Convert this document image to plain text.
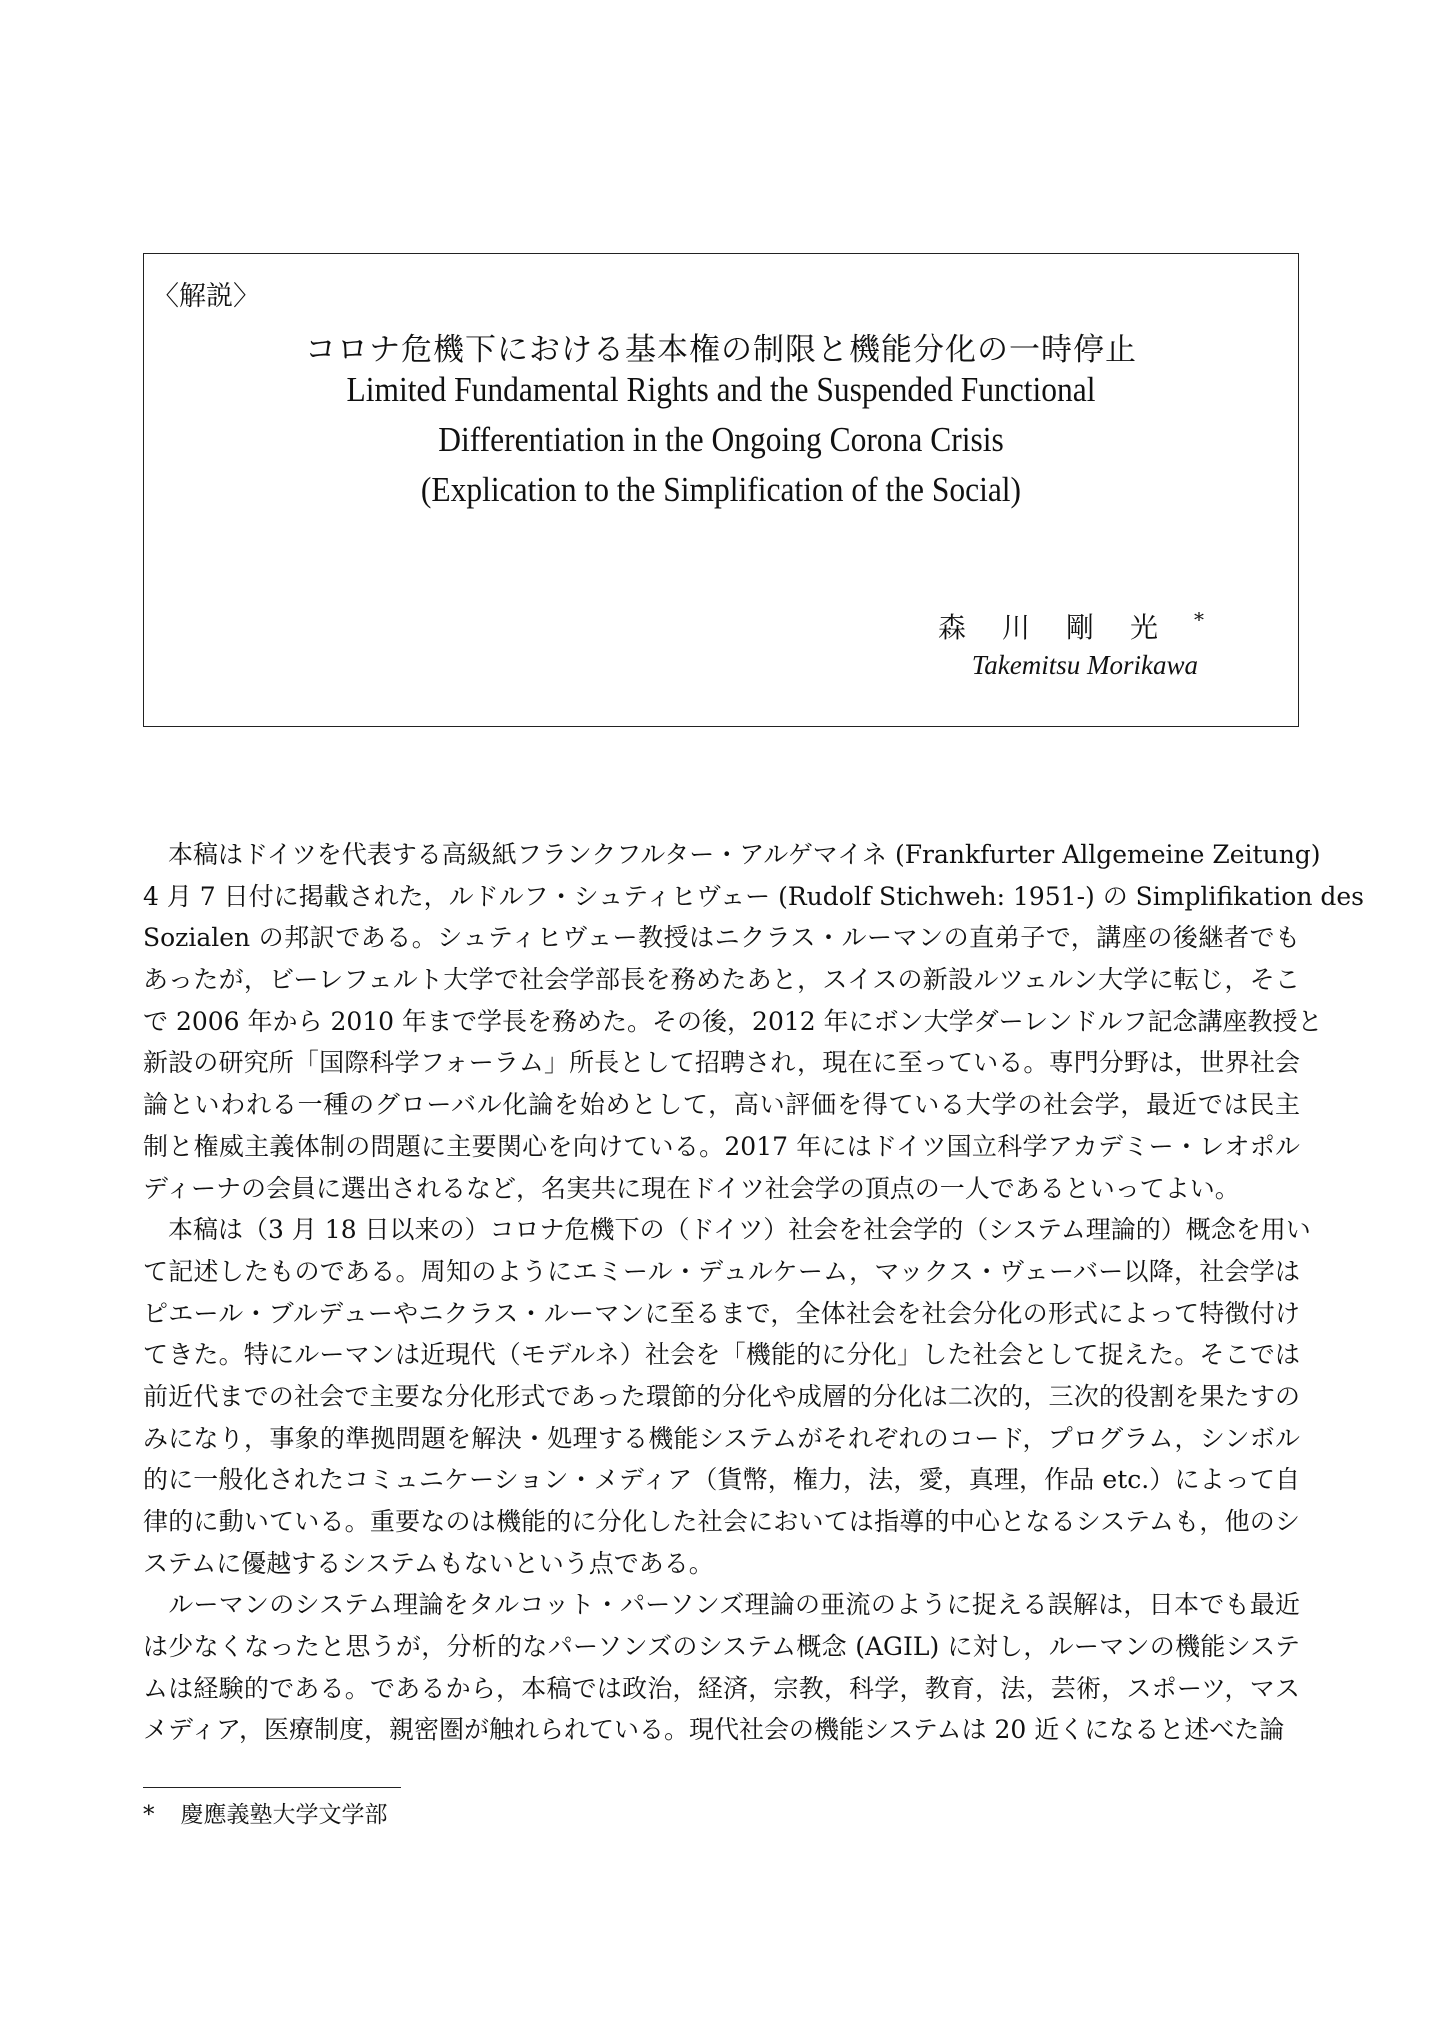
〈解説〉
コロナ危機下における基本権の制限と機能分化の一時停止
Limited Fundamental Rights and the Suspended Functional
Differentiation in the Ongoing Corona Crisis
(Explication to the Simplification of the Social)
森川剛光*
Takemitsu Morikawa
　本稿はドイツを代表する高級紙フランクフルター・アルゲマイネ (Frankfurter Allgemeine Zeitung)
4 月 7 日付に掲載された，ルドルフ・シュティヒヴェー (Rudolf Stichweh: 1951-) の Simplifikation des
Sozialen の邦訳である。シュティヒヴェー教授はニクラス・ルーマンの直弟子で，講座の後継者でも
あったが，ビーレフェルト大学で社会学部長を務めたあと，スイスの新設ルツェルン大学に転じ，そこ
で 2006 年から 2010 年まで学長を務めた。その後，2012 年にボン大学ダーレンドルフ記念講座教授と
新設の研究所「国際科学フォーラム」所長として招聘され，現在に至っている。専門分野は，世界社会
論といわれる一種のグローバル化論を始めとして，高い評価を得ている大学の社会学，最近では民主
制と権威主義体制の問題に主要関心を向けている。2017 年にはドイツ国立科学アカデミー・レオポル
ディーナの会員に選出されるなど，名実共に現在ドイツ社会学の頂点の一人であるといってよい。
　本稿は（3 月 18 日以来の）コロナ危機下の（ドイツ）社会を社会学的（システム理論的）概念を用い
て記述したものである。周知のようにエミール・デュルケーム，マックス・ヴェーバー以降，社会学は
ピエール・ブルデューやニクラス・ルーマンに至るまで，全体社会を社会分化の形式によって特徴付け
てきた。特にルーマンは近現代（モデルネ）社会を「機能的に分化」した社会として捉えた。そこでは
前近代までの社会で主要な分化形式であった環節的分化や成層的分化は二次的，三次的役割を果たすの
みになり，事象的準拠問題を解決・処理する機能システムがそれぞれのコード，プログラム，シンボル
的に一般化されたコミュニケーション・メディア（貨幣，権力，法，愛，真理，作品 etc.）によって自
律的に動いている。重要なのは機能的に分化した社会においては指導的中心となるシステムも，他のシ
ステムに優越するシステムもないという点である。
　ルーマンのシステム理論をタルコット・パーソンズ理論の亜流のように捉える誤解は，日本でも最近
は少なくなったと思うが，分析的なパーソンズのシステム概念 (AGIL) に対し，ルーマンの機能システ
ムは経験的である。であるから，本稿では政治，経済，宗教，科学，教育，法，芸術，スポーツ，マス
メディア，医療制度，親密圏が触れられている。現代社会の機能システムは 20 近くになると述べた論
* 慶應義塾大学文学部
